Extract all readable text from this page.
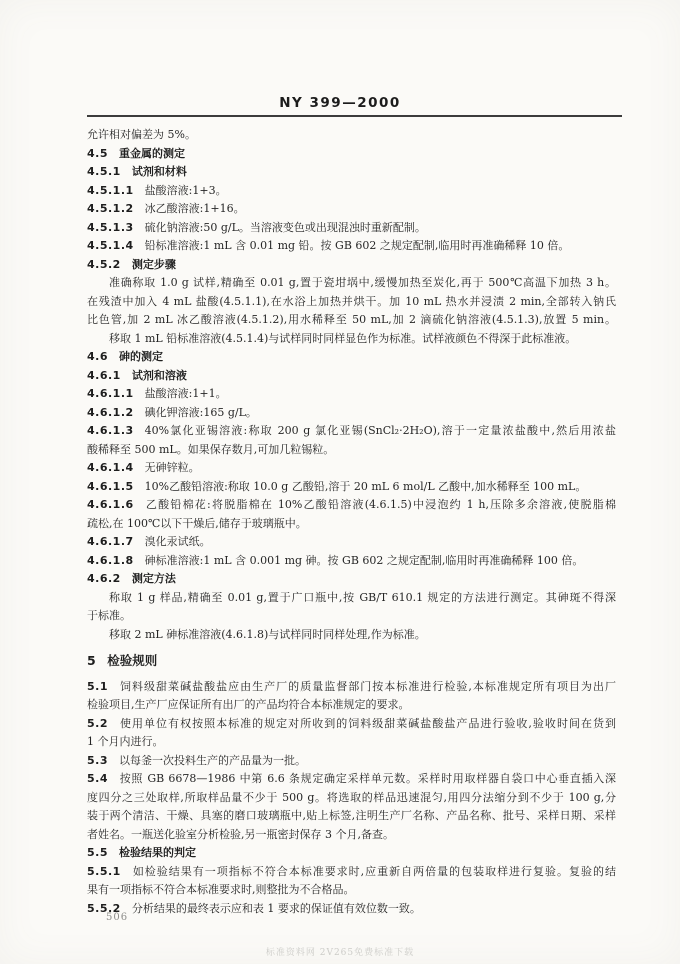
NY 399—2000
允许相对偏差为 5%。
4.5 重金属的测定
4.5.1 试剂和材料
4.5.1.1 盐酸溶液:1+3。
4.5.1.2 冰乙酸溶液:1+16。
4.5.1.3 硫化钠溶液:50 g/L。当溶液变色或出现混浊时重新配制。
4.5.1.4 铅标准溶液:1 mL 含 0.01 mg 铅。按 GB 602 之规定配制,临用时再准确稀释 10 倍。
4.5.2 测定步骤
准确称取 1.0 g 试样,精确至 0.01 g,置于瓷坩埚中,缓慢加热至炭化,再于 500℃高温下加热 3 h。
在残渣中加入 4 mL 盐酸(4.5.1.1),在水浴上加热并烘干。加 10 mL 热水并浸渍 2 min,全部转入钠氏
比色管,加 2 mL 冰乙酸溶液(4.5.1.2),用水稀释至 50 mL,加 2 滴硫化钠溶液(4.5.1.3),放置 5 min。
移取 1 mL 铅标准溶液(4.5.1.4)与试样同时同样显色作为标准。试样液颜色不得深于此标准液。
4.6 砷的测定
4.6.1 试剂和溶液
4.6.1.1 盐酸溶液:1+1。
4.6.1.2 碘化钾溶液:165 g/L。
4.6.1.3 40%氯化亚锡溶液:称取 200 g 氯化亚锡(SnCl₂·2H₂O),溶于一定量浓盐酸中,然后用浓盐
酸稀释至 500 mL。如果保存数月,可加几粒锡粒。
4.6.1.4 无砷锌粒。
4.6.1.5 10%乙酸铅溶液:称取 10.0 g 乙酸铅,溶于 20 mL 6 mol/L 乙酸中,加水稀释至 100 mL。
4.6.1.6 乙酸铅棉花:将脱脂棉在 10%乙酸铅溶液(4.6.1.5)中浸泡约 1 h,压除多余溶液,使脱脂棉
疏松,在 100℃以下干燥后,储存于玻璃瓶中。
4.6.1.7 溴化汞试纸。
4.6.1.8 砷标准溶液:1 mL 含 0.001 mg 砷。按 GB 602 之规定配制,临用时再准确稀释 100 倍。
4.6.2 测定方法
称取 1 g 样品,精确至 0.01 g,置于广口瓶中,按 GB/T 610.1 规定的方法进行测定。其砷斑不得深
于标准。
移取 2 mL 砷标准溶液(4.6.1.8)与试样同时同样处理,作为标准。
5 检验规则
5.1 饲料级甜菜碱盐酸盐应由生产厂的质量监督部门按本标准进行检验,本标准规定所有项目为出厂
检验项目,生产厂应保证所有出厂的产品均符合本标准规定的要求。
5.2 使用单位有权按照本标准的规定对所收到的饲料级甜菜碱盐酸盐产品进行验收,验收时间在货到
1 个月内进行。
5.3 以每釜一次投料生产的产品量为一批。
5.4 按照 GB 6678—1986 中第 6.6 条规定确定采样单元数。采样时用取样器自袋口中心垂直插入深
度四分之三处取样,所取样品量不少于 500 g。将选取的样品迅速混匀,用四分法缩分到不少于 100 g,分
装于两个清洁、干燥、具塞的磨口玻璃瓶中,贴上标签,注明生产厂名称、产品名称、批号、采样日期、采样
者姓名。一瓶送化验室分析检验,另一瓶密封保存 3 个月,备查。
5.5 检验结果的判定
5.5.1 如检验结果有一项指标不符合本标准要求时,应重新自两倍量的包装取样进行复验。复验的结
果有一项指标不符合本标准要求时,则整批为不合格品。
5.5.2 分析结果的最终表示应和表 1 要求的保证值有效位数一致。
506
标准资料网 2V265免费标准下载
